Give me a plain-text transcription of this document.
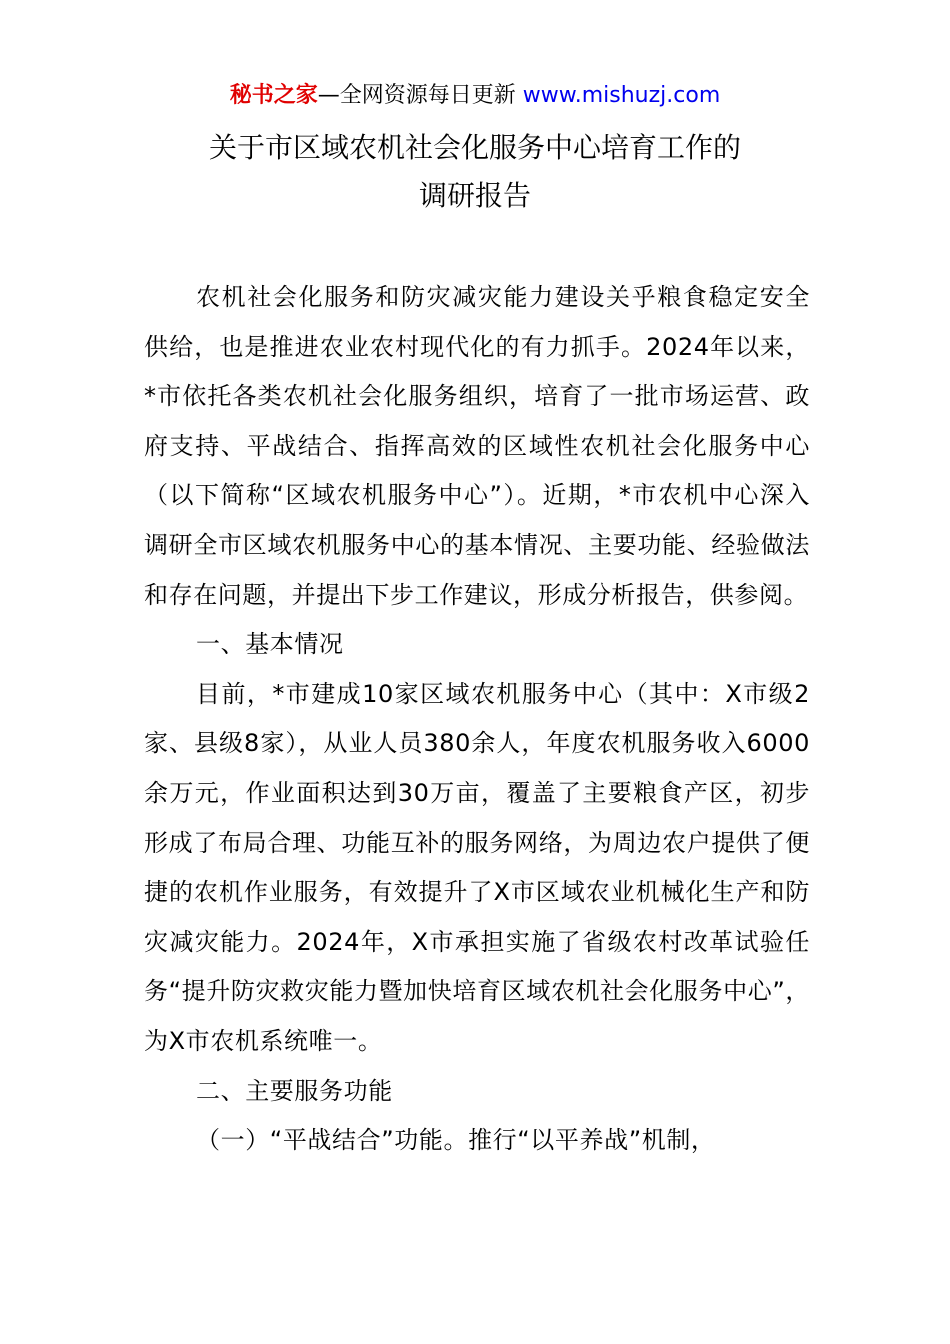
秘书之家—全网资源每日更新 www.mishuzj.com
关于市区域农机社会化服务中心培育工作的
调研报告

农机社会化服务和防灾减灾能力建设关乎粮食稳定安全供给，也是推进农业农村现代化的有力抓手。2024年以来，*市依托各类农机社会化服务组织，培育了一批市场运营、政府支持、平战结合、指挥高效的区域性农机社会化服务中心（以下简称“区域农机服务中心”）。近期，*市农机中心深入调研全市区域农机服务中心的基本情况、主要功能、经验做法和存在问题，并提出下步工作建议，形成分析报告，供参阅。

一、基本情况

目前，*市建成10家区域农机服务中心（其中：X市级2家、县级8家），从业人员380余人，年度农机服务收入6000余万元，作业面积达到30万亩，覆盖了主要粮食产区，初步形成了布局合理、功能互补的服务网络，为周边农户提供了便捷的农机作业服务，有效提升了X市区域农业机械化生产和防灾减灾能力。2024年，X市承担实施了省级农村改革试验任务“提升防灾救灾能力暨加快培育区域农机社会化服务中心”，为X市农机系统唯一。

二、主要服务功能

（一）“平战结合”功能。推行“以平养战”机制，
